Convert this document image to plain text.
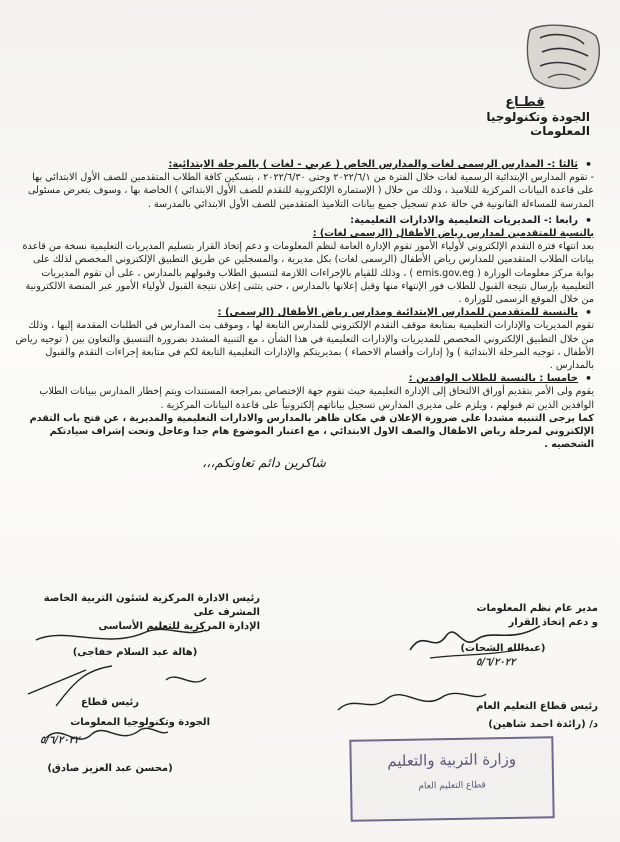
قطـاع
الجودة وتكنولوجيا المعلومات

• ثالثا :- المدارس الرسمى لغات والمدارس الخاص ( عربي - لغات ) بالمرحلة الابتدائية:

- تقوم المدارس الإبتدائية الرسمية لغات خلال الفترة من ٢٠٢٢/٦/١ وحتى ٢٠٢٢/٦/٣٠ ، بتسكين كافة الطلاب المتقدمين للصف الأول الابتدائي بها على قاعدة البيانات المركزية للتلاميذ ، وذلك من خلال ( الإستمارة الإلكترونية للتقدم للصف الأول الابتدائي ) الخاصة بها ، وسوف يتعرض مسئولى المدرسة للمساءلة القانونية في حالة عدم تسجيل جميع بيانات التلاميذ المتقدمين للصف الأول الابتدائي بالمدرسة .

• رابعا :- المديريات التعليمية والادارات التعليمية:

بالنسبة للمتقدمين لمدارس رياض الأطفال (الرسمى لغات) :

بعد انتهاء فترة التقدم الإلكتروني لأولياء الأمور تقوم الإدارة العامة لنظم المعلومات و دعم إتخاذ القرار بتسليم المديريات التعليمية نسخة من قاعدة بيانات الطلاب المتقدمين للمدارس رياض الأطفال (الرسمى لغات) بكل مديرية ، والمسجلين عن طريق التطبيق الإلكتروني المخصص لذلك على بوابة مركز معلومات الوزارة ( emis.gov.eg ) ، وذلك للقيام بالإجراءات اللازمة لتنسيق الطلاب وقبولهم بالمدارس ، على أن تقوم المديريات التعليمية بإرسال نتيجة القبول للطلاب فور الإنتهاء منها وقبل إعلانها بالمدارس ، حتى يتثنى إعلان نتيجة القبول لأولياء الأمور عبر المنصة الالكترونية من خلال الموقع الرسمى للوزارة .

• بالنسبة للمتقدمين للمدارس الإبتدائية ومدارس رياض الأطفال (الرسمى) :

تقوم المديريات والإدارات التعليمية بمتابعة موقف التقدم الإلكتروني للمدارس التابعة لها ، وموقف بت المدارس في الطلبات المقدمة إليها ، وذلك من خلال التطبيق الإلكتروني المخصص للمديريات والإدارات التعليمية في هذا الشأن ، مع التنبية المشدد بضرورة التنسيق والتعاون بين ( توجيه رياض الأطفال ، توجيه المرحلة الابتدائية ) و( إدارات وأقسام الاحصاء ) بمديريتكم والإدارات التعليمية التابعة لكم في متابعة إجراءات التقدم والقبول بالمدارس .

• خامسا : بالنسبة للطلاب الوافدين :

يقوم ولى الأمر بتقديم أوراق الالتحاق إلى الإدارة التعليمية حيث تقوم جهة الإختصاص بمراجعة المستندات ويتم إخطار المدارس ببيانات الطلاب الوافدين الذين تم قبولهم ، ويلزم على مديرى المدارس تسجيل بياناتهم إلكترونياً على قاعدة البيانات المركزية .

كما يرجى التنبيه مشددا على ضرورة الإعلان في مكان ظاهر بالمدارس والادارات التعليمية والمديرية ، عن فتح باب التقدم الإلكتروني لمرحلة رياض الاطفال والصف الاول الابتدائي ، مع اعتبار الموضوع هام جدا وعاجل وتحت إشراف سيادتكم الشخصيه .

شاكرين دائم تعاونكم،،،
مدير عام نظم المعلومات
و دعم إتخاذ القرار
(عبدالله الشحات)
٥/٦/٢٠٢٢
رئيس الادارة المركزية لشئون التربية الخاصة المشرف على
الإدارة المركزية للتعليم الأساسى
(هالة عبد السلام خفاجى)
رئيس قطاع
الجودة وتكنولوجيا المعلومات
٥/٦/٢٠٢٢
(محسن عبد العزيز صادق)
رئيس قطاع التعليم العام
د/ (رائدة احمد شاهين)
وزارة التربية والتعليم
قطاع التعليم العام
